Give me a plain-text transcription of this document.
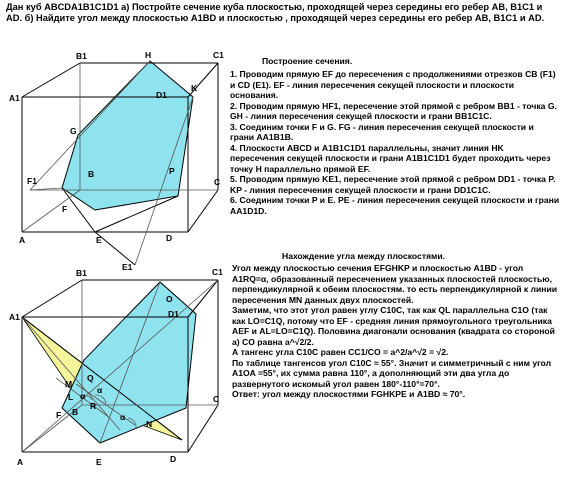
Дан куб ABCDA1B1C1D1 а) Постройте сечение куба плоскостью, проходящей через середины его ребер AB, B1C1 и AD. б) Найдите угол между плоскостью A1BD и плоскостью , проходящей через середины его ребер AB, B1C1 и AD.
B1	H	C1
A1	D1
K
G
F1
B	P
C
F
A	E	D
E1
B1	C1
O
A1	D1
M
Q
α
L α
R
F	α
N
B
C
A	E	D
Построение сечения.
1. Проводим прямую EF до пересечения с продолжениями отрезков CB (F1) и CD (E1). EF - линия пересечения секущей плоскости и плоскости основания.
2. Проводим прямую HF1, пересечение этой прямой с ребром BB1 - точка G. GH - линия пересечения секущей плоскости и грани BB1C1C.
3. Соединим точки F и G. FG - линия пересечения секущей плоскости и грани AA1B1B.
4. Плоскости ABCD и A1B1C1D1 параллельны, значит линия HK пересечения секущей плоскости и грани A1B1C1D1 будет проходить через точку H параллельно прямой EF.
5. Проводим прямую KE1, пересечение этой прямой с ребром DD1 - точка P. KP - линия пересечения секущей плоскости и грани DD1C1C.
6. Соединим точки P и E. PE - линия пересечения секущей плоскости и грани AA1D1D.
Нахождение угла между плоскостями.
Угол между плоскостью сечения EFGHKP и плоскостью A1BD - угол A1RQ=α, образованный пересечением указанных плоскостей плоскостью, перпендикулярной к обеим плоскостям. то есть перпендикулярной к линии пересечения MN данных двух плоскостей.
Заметим, что этот угол равен углу C10C, так как QL параллельна C1O (так как LO=C1Q, потому что EF - средняя линия прямоугольного треугольника AEF и AL=LO=C1Q). Половина диагонали основания (квадрата со стороной a) CO равна a^√2/2.
А тангенс угла C10C равен CC1/CO = a^2/a^√2 = √2.
По таблице тангенсов угол C10C ≈ 55°. Значит и симметричный с ним угол A1OA =55°, их сумма равна 110°, а дополняющий эти два угла до развернутого искомый угол равен 180°-110°=70°.
Ответ: угол между плоскостями FGHKPE и A1BD ≈ 70°.
